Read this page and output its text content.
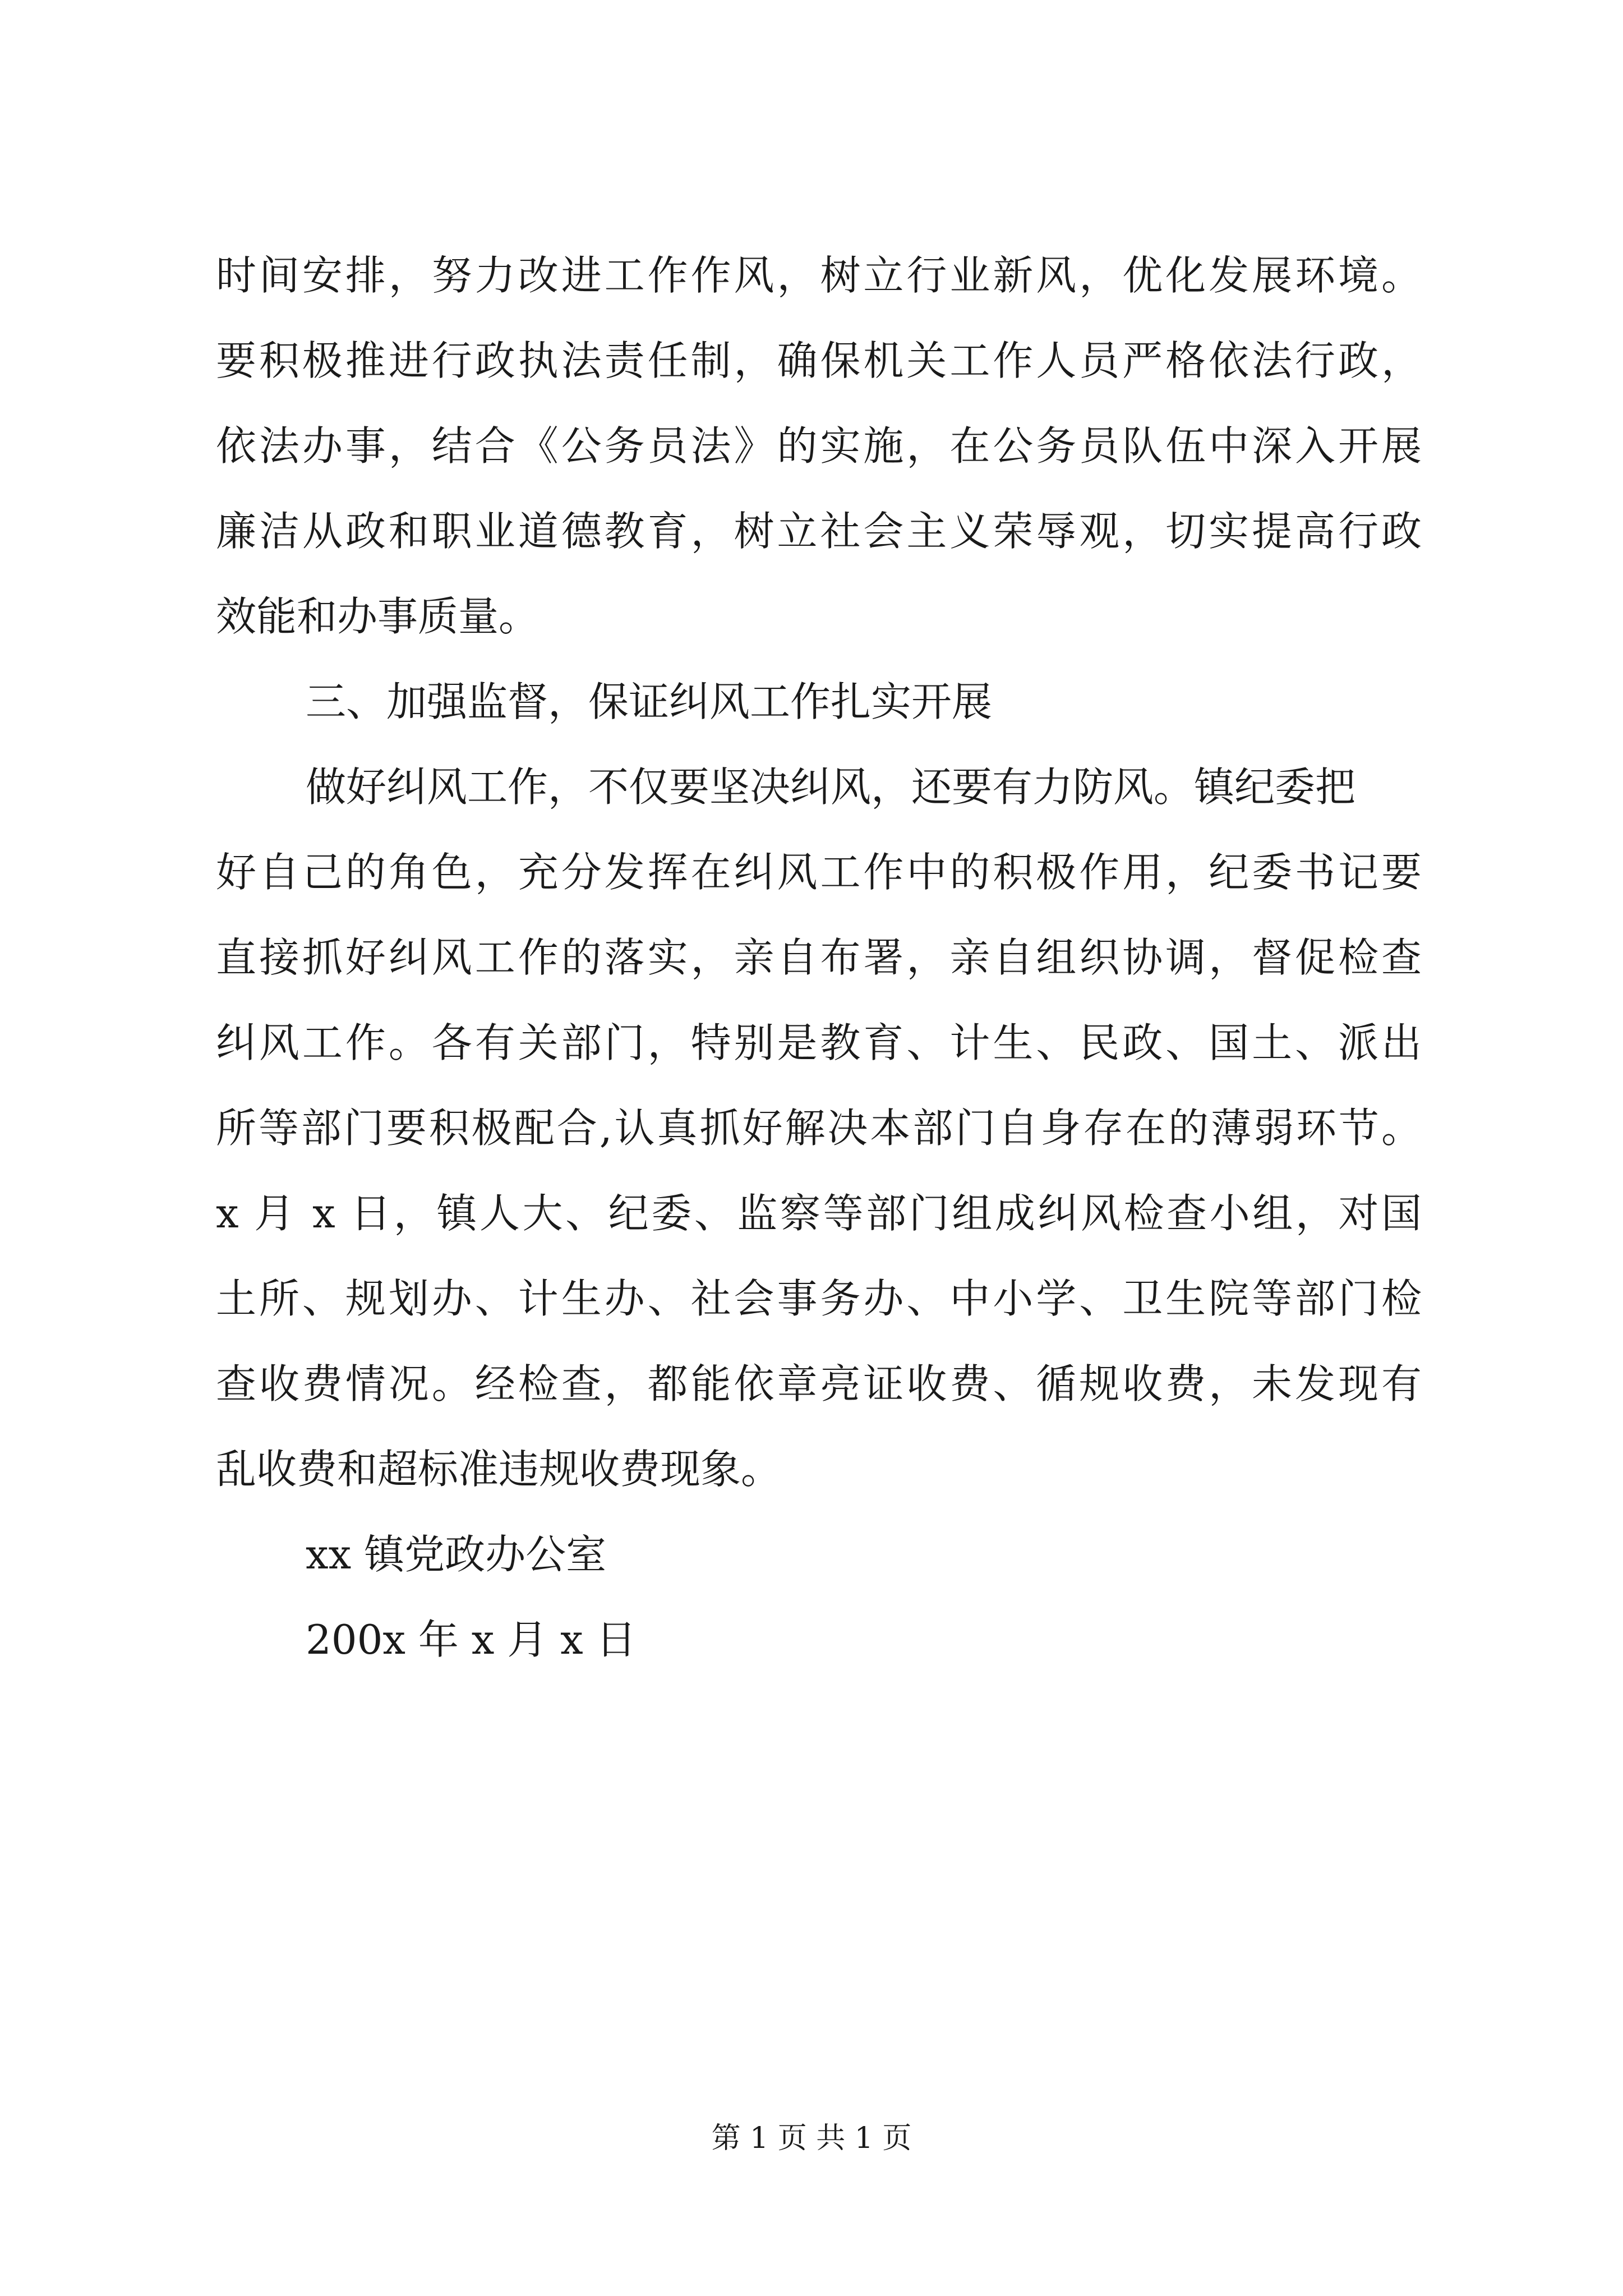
时间安排，努力改进工作作风，树立行业新风，优化发展环境。
要积极推进行政执法责任制，确保机关工作人员严格依法行政，
依法办事，结合《公务员法》的实施，在公务员队伍中深入开展
廉洁从政和职业道德教育，树立社会主义荣辱观，切实提高行政
效能和办事质量。
三、加强监督，保证纠风工作扎实开展
做好纠风工作，不仅要坚决纠风，还要有力防风。镇纪委把
好自己的角色，充分发挥在纠风工作中的积极作用，纪委书记要
直接抓好纠风工作的落实，亲自布署，亲自组织协调，督促检查
纠风工作。各有关部门，特别是教育、计生、民政、国土、派出
所等部门要积极配合,认真抓好解决本部门自身存在的薄弱环节。
x 月 x 日，镇人大、纪委、监察等部门组成纠风检查小组，对国
土所、规划办、计生办、社会事务办、中小学、卫生院等部门检
查收费情况。经检查，都能依章亮证收费、循规收费，未发现有
乱收费和超标准违规收费现象。
xx 镇党政办公室
200x 年 x 月 x 日
第 1 页 共 1 页
